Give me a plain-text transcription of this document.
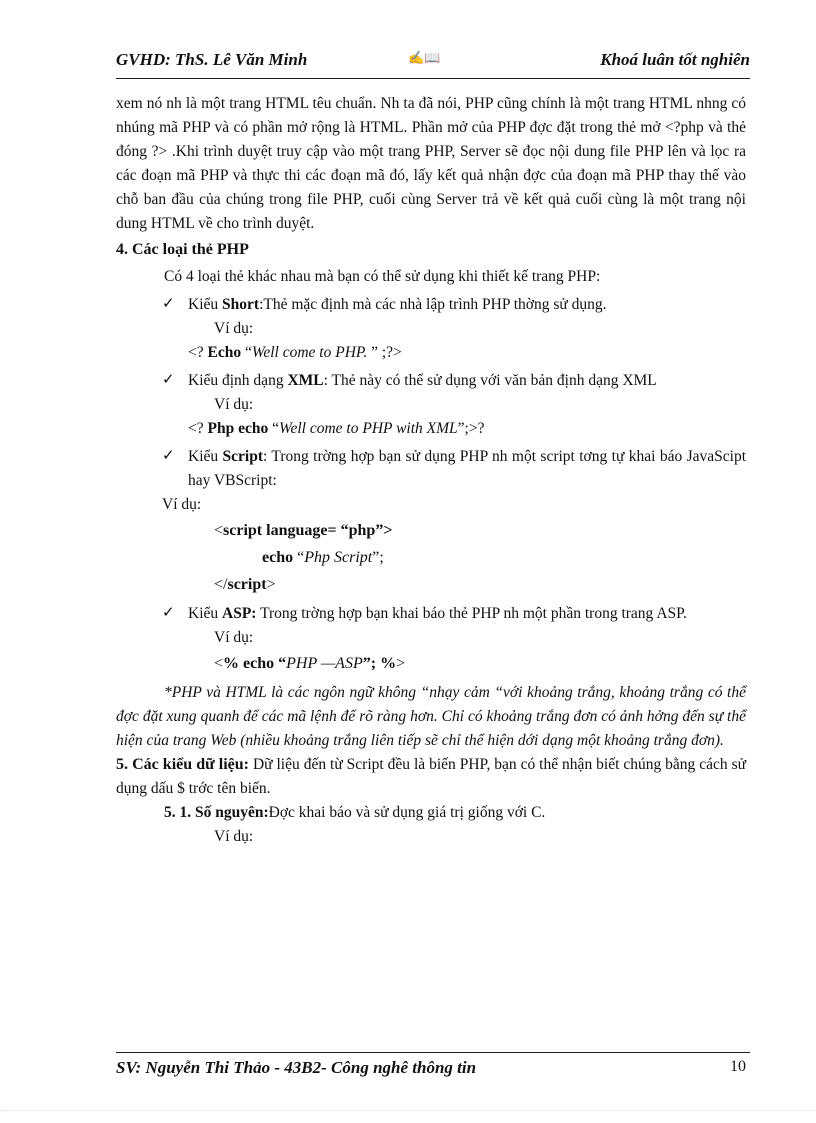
GVHD: ThS. Lê Văn Minh	✍📖	Khoá luân tốt nghiên

xem nó nh là một trang HTML têu chuẩn. Nh ta đã nói, PHP cũng chính là một trang HTML nhng có nhúng mã PHP và có phần mở rộng là HTML. Phần mở của PHP đợc đặt trong thẻ mở <?php và thẻ đóng ?> .Khi trình duyệt truy cập vào một trang PHP, Server sẽ đọc nội dung file PHP lên và lọc ra các đoạn mã PHP và thực thi các đoạn mã đó, lấy kết quả nhận đợc của đoạn mã PHP thay thế vào chỗ ban đầu của chúng trong file PHP, cuối cùng Server trả về kết quả cuối cùng là một trang nội dung HTML về cho trình duyệt.

4. Các loại thẻ PHP

Có 4 loại thẻ khác nhau mà bạn có thể sử dụng khi thiết kế trang PHP:

✓ Kiểu Short:Thẻ mặc định mà các nhà lập trình PHP thờng sử dụng.
Ví dụ:
<? Echo “Well come to PHP. ” ;?>
✓ Kiểu định dạng XML: Thẻ này có thể sử dụng với văn bản định dạng XML
Ví dụ:
<? Php echo “Well come to PHP with XML”;>?
✓ Kiểu Script: Trong trờng hợp bạn sử dụng PHP nh một script tơng tự khai báo JavaScipt hay VBScript:
Ví dụ:
<script language= “php”>
echo “Php Script”;
</script>
✓ Kiểu ASP: Trong trờng hợp bạn khai báo thẻ PHP nh một phần trong trang ASP.
Ví dụ:
<% echo “PHP —ASP”; %>

*PHP và HTML là các ngôn ngữ không “nhạy cảm “với khoảng trắng, khoảng trắng có thể đợc đặt xung quanh để các mã lệnh để rõ ràng hơn. Chỉ có khoảng trắng đơn có ảnh hởng đến sự thể hiện của trang Web (nhiều khoảng trắng liên tiếp sẽ chỉ thể hiện dới dạng một khoảng trắng đơn).

5. Các kiểu dữ liệu: Dữ liệu đến từ Script đều là biến PHP, bạn có thể nhận biết chúng bằng cách sử dụng dấu $ trớc tên biến.

5. 1. Số nguyên:Đợc khai báo và sử dụng giá trị giống với C.

Ví dụ:
SV: Nguyễn Thi Thảo - 43B2- Công nghê thông tin	10
